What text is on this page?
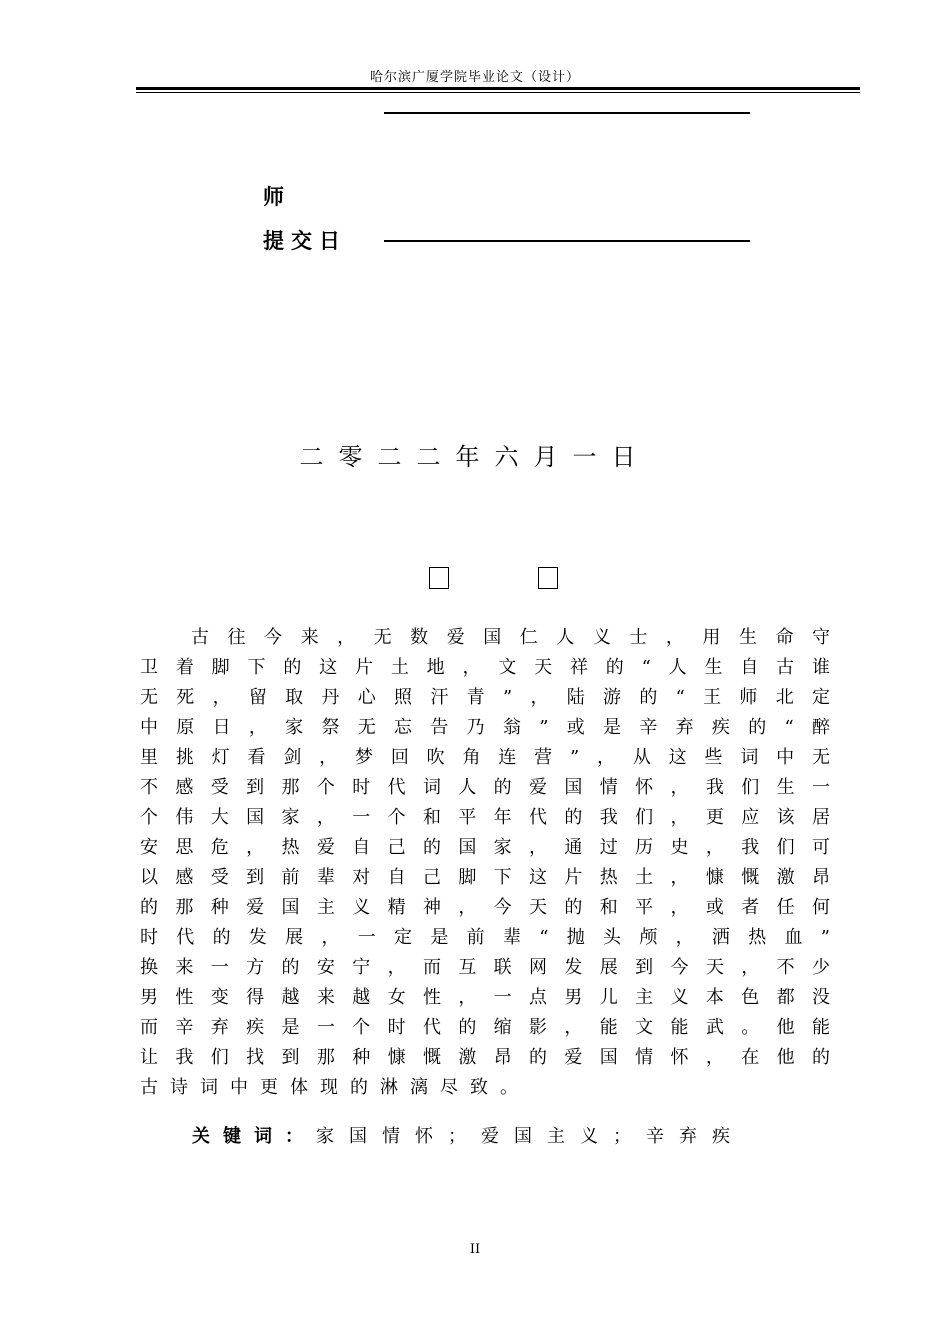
哈尔滨广厦学院毕业论文（设计）
师
提交日
二零二二年六月一日
古往今来，无数爱国仁人义士，用生命守
卫着脚下的这片土地，文天祥的“人生自古谁
无死，留取丹心照汗青”，陆游的“王师北定
中原日，家祭无忘告乃翁”或是辛弃疾的“醉
里挑灯看剑，梦回吹角连营”，从这些词中无
不感受到那个时代词人的爱国情怀，我们生一
个伟大国家，一个和平年代的我们，更应该居
安思危，热爱自己的国家，通过历史，我们可
以感受到前辈对自己脚下这片热土，慷慨激昂
的那种爱国主义精神，今天的和平，或者任何
时代的发展，一定是前辈“抛头颅，洒热血”
换来一方的安宁，而互联网发展到今天，不少
男性变得越来越女性，一点男儿主义本色都没
而辛弃疾是一个时代的缩影，能文能武。他能
让我们找到那种慷慨激昂的爱国情怀，在他的
古诗词中更体现的淋漓尽致。
关键词：家国情怀；爱国主义；辛弃疾
II
